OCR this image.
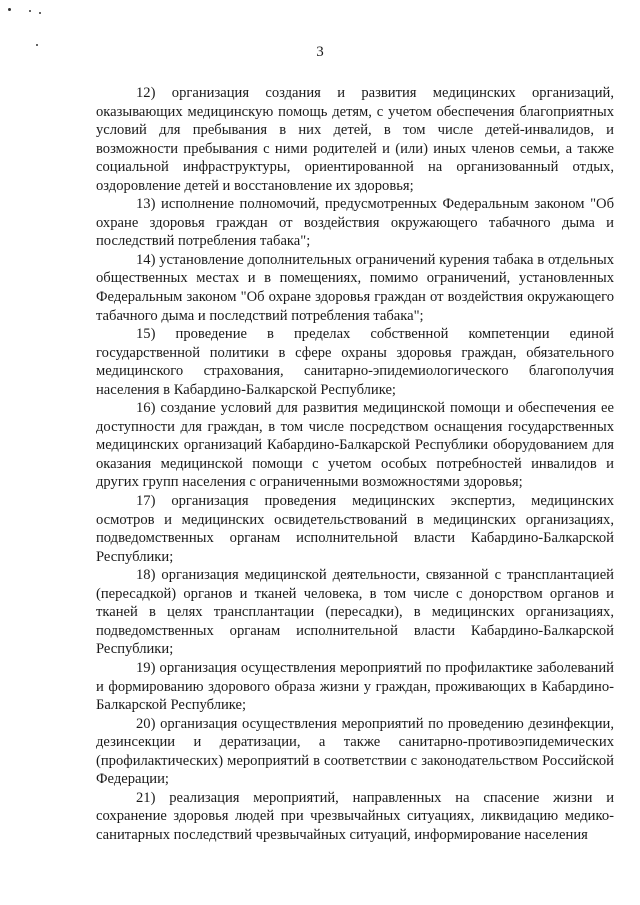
3

12) организация создания и развития медицинских организаций, оказывающих медицинскую помощь детям, с учетом обеспечения благоприятных условий для пребывания в них детей, в том числе детей-инвалидов, и возможности пребывания с ними родителей и (или) иных членов семьи, а также социальной инфраструктуры, ориентированной на организованный отдых, оздоровление детей и восстановление их здоровья;

13) исполнение полномочий, предусмотренных Федеральным законом "Об охране здоровья граждан от воздействия окружающего табачного дыма и последствий потребления табака";

14) установление дополнительных ограничений курения табака в отдельных общественных местах и в помещениях, помимо ограничений, установленных Федеральным законом "Об охране здоровья граждан от воздействия окружающего табачного дыма и последствий потребления табака";

15) проведение в пределах собственной компетенции единой государственной политики в сфере охраны здоровья граждан, обязательного медицинского страхования, санитарно-эпидемиологического благополучия населения в Кабардино-Балкарской Республике;

16) создание условий для развития медицинской помощи и обеспечения ее доступности для граждан, в том числе посредством оснащения государственных медицинских организаций Кабардино-Балкарской Республики оборудованием для оказания медицинской помощи с учетом особых потребностей инвалидов и других групп населения с ограниченными возможностями здоровья;

17) организация проведения медицинских экспертиз, медицинских осмотров и медицинских освидетельствований в медицинских организациях, подведомственных органам исполнительной власти Кабардино-Балкарской Республики;

18) организация медицинской деятельности, связанной с трансплантацией (пересадкой) органов и тканей человека, в том числе с донорством органов и тканей в целях трансплантации (пересадки), в медицинских организациях, подведомственных органам исполнительной власти Кабардино-Балкарской Республики;

19) организация осуществления мероприятий по профилактике заболеваний и формированию здорового образа жизни у граждан, проживающих в Кабардино-Балкарской Республике;

20) организация осуществления мероприятий по проведению дезинфекции, дезинсекции и дератизации, а также санитарно-противоэпидемических (профилактических) мероприятий в соответствии с законодательством Российской Федерации;

21) реализация мероприятий, направленных на спасение жизни и сохранение здоровья людей при чрезвычайных ситуациях, ликвидацию медико-санитарных последствий чрезвычайных ситуаций, информирование населения
